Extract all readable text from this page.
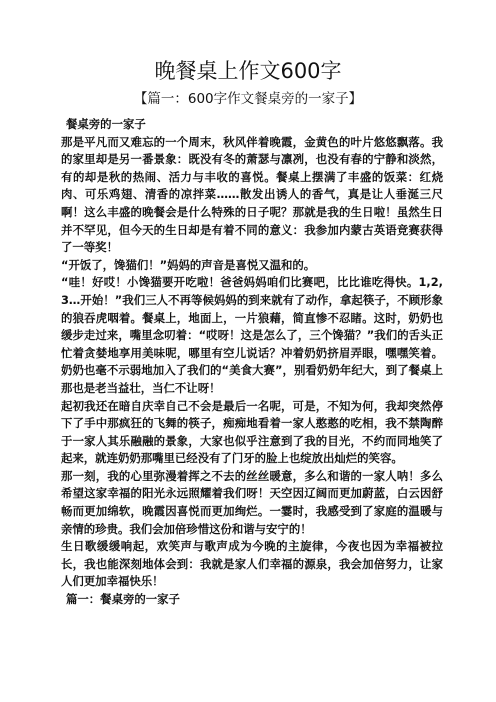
晚餐桌上作文600字
【篇一：600字作文餐桌旁的一家子】

餐桌旁的一家子

那是平凡而又难忘的一个周末，秋风伴着晚霞，金黄色的叶片悠悠飘落。我的家里却是另一番景象：既没有冬的萧瑟与凛冽，也没有春的宁静和淡然，有的却是秋的热闹、活力与丰收的喜悦。餐桌上摆满了丰盛的饭菜：红烧肉、可乐鸡翅、清香的凉拌菜……散发出诱人的香气，真是让人垂涎三尺啊！这么丰盛的晚餐会是什么特殊的日子呢？那就是我的生日啦！虽然生日并不罕见，但今天的生日却是有着不同的意义：我参加内蒙古英语竞赛获得了一等奖！

“开饭了，馋猫们！”妈妈的声音是喜悦又温和的。

“哇！好哎！小馋猫要开吃啦！爸爸妈妈咱们比赛吧，比比谁吃得快。1,2,3…开始！”我们三人不再等候妈妈的到来就有了动作，拿起筷子，不顾形象的狼吞虎咽着。餐桌上，地面上，一片狼藉，简直惨不忍睹。这时，奶奶也缓步走过来，嘴里念叨着：“哎呀！这是怎么了，三个馋猫？”我们的舌头正忙着贪婪地享用美味呢，哪里有空儿说话？冲着奶奶挤眉弄眼，嘿嘿笑着。奶奶也毫不示弱地加入了我们的“美食大赛”，别看奶奶年纪大，到了餐桌上那也是老当益壮，当仁不让呀！

起初我还在暗自庆幸自己不会是最后一名呢，可是，不知为何，我却突然停下了手中那疯狂的飞舞的筷子，痴痴地看着一家人憨憨的吃相，我不禁陶醉于一家人其乐融融的景象，大家也似乎注意到了我的目光，不约而同地笑了起来，就连奶奶那嘴里已经没有了门牙的脸上也绽放出灿烂的笑容。

那一刻，我的心里弥漫着挥之不去的丝丝暖意，多么和谐的一家人呐！多么希望这家幸福的阳光永远照耀着我们呀！天空因辽阔而更加蔚蓝，白云因舒畅而更加绵软，晚霞因喜悦而更加绚烂。一霎时，我感受到了家庭的温暖与亲情的珍贵。我们会加倍珍惜这份和谐与安宁的！

生日歌缓缓响起，欢笑声与歌声成为今晚的主旋律，今夜也因为幸福被拉长，我也能深刻地体会到：我就是家人们幸福的源泉，我会加倍努力，让家人们更加幸福快乐！

篇一：餐桌旁的一家子
